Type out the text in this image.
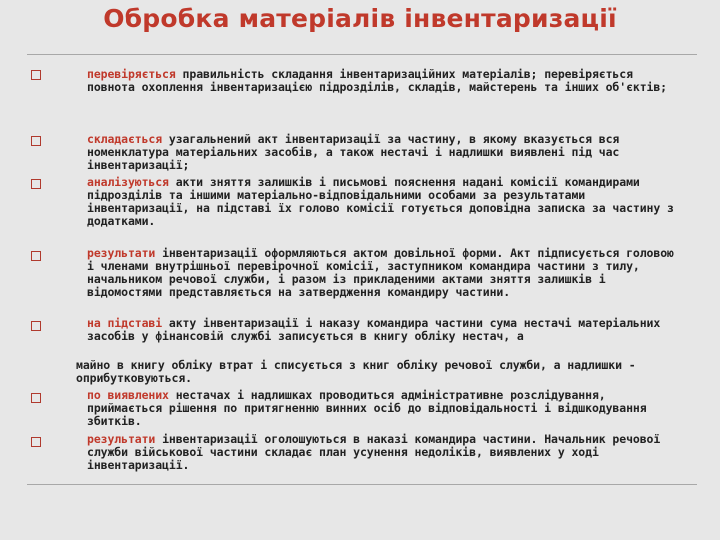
Обробка матеріалів інвентаризації
перевіряється правильність складання інвентаризаційних матеріалів; перевіряється повнота охоплення інвентаризацією підрозділів, складів, майстерень та інших об'єктів;
складається узагальнений акт інвентаризації за частину, в якому вказується вся номенклатура матеріальних засобів, а також нестачі і надлишки виявлені під час інвентаризації;
аналізуються акти зняття залишків і письмові пояснення надані комісії командирами підрозділів та іншими матеріально-відповідальними особами за результатами інвентаризації, на підставі їх голово комісії готується доповідна записка за частину з додатками.
результати інвентаризації оформляються актом довільної форми. Акт підписується головою і членами внутрішньої перевірочної комісії, заступником командира частини з тилу, начальником речової служби, і разом із прикладеними актами зняття залишків і відомостями представляється на затвердження командиру частини.
на підставі акту інвентаризації і наказу командира частини сума нестачі матеріальних засобів у фінансовій службі записується в книгу обліку нестач, а
майно в книгу обліку втрат і списується з книг обліку речової служби, а надлишки - оприбутковуються.
по виявлених нестачах і надлишках проводиться адміністративне розслідування, приймається рішення по притягненню винних осіб до відповідальності і відшкодування збитків.
результати інвентаризації оголошуються в наказі командира частини. Начальник речової служби військової частини складає план усунення недоліків, виявлених у ході інвентаризації.
